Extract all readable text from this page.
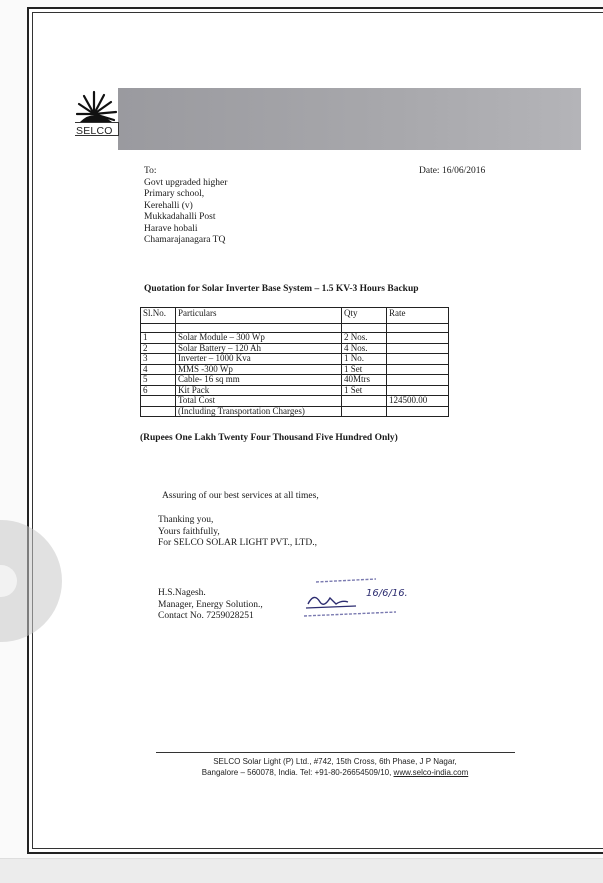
SELCO
To:
Govt upgraded higher
Primary school,
Kerehalli (v)
Mukkadahalli Post
Harave hobali
Chamarajanagara TQ
Date: 16/06/2016
Quotation for Solar Inverter Base System – 1.5 KV-3 Hours Backup
Sl.No.	Particulars	Qty	Rate

1	Solar Module – 300 Wp	2 Nos.	
2	Solar Battery – 120 Ah	4 Nos.	
3	Inverter – 1000 Kva	1 No.	
4	MMS -300 Wp	1 Set	
5	Cable- 16 sq mm	40Mtrs	
6	Kit Pack	1 Set	
	Total Cost		124500.00
	(Including Transportation Charges)		
(Rupees One Lakh Twenty Four Thousand Five Hundred Only)
Assuring of our best services at all times,
Thanking you,
Yours faithfully,
For SELCO SOLAR LIGHT PVT., LTD.,
H.S.Nagesh.
Manager, Energy Solution.,
Contact No. 7259028251
16/6/16.
SELCO Solar Light (P) Ltd., #742, 15th Cross, 6th Phase, J P Nagar,
Bangalore – 560078, India. Tel: +91-80-26654509/10, www.selco-india.com
